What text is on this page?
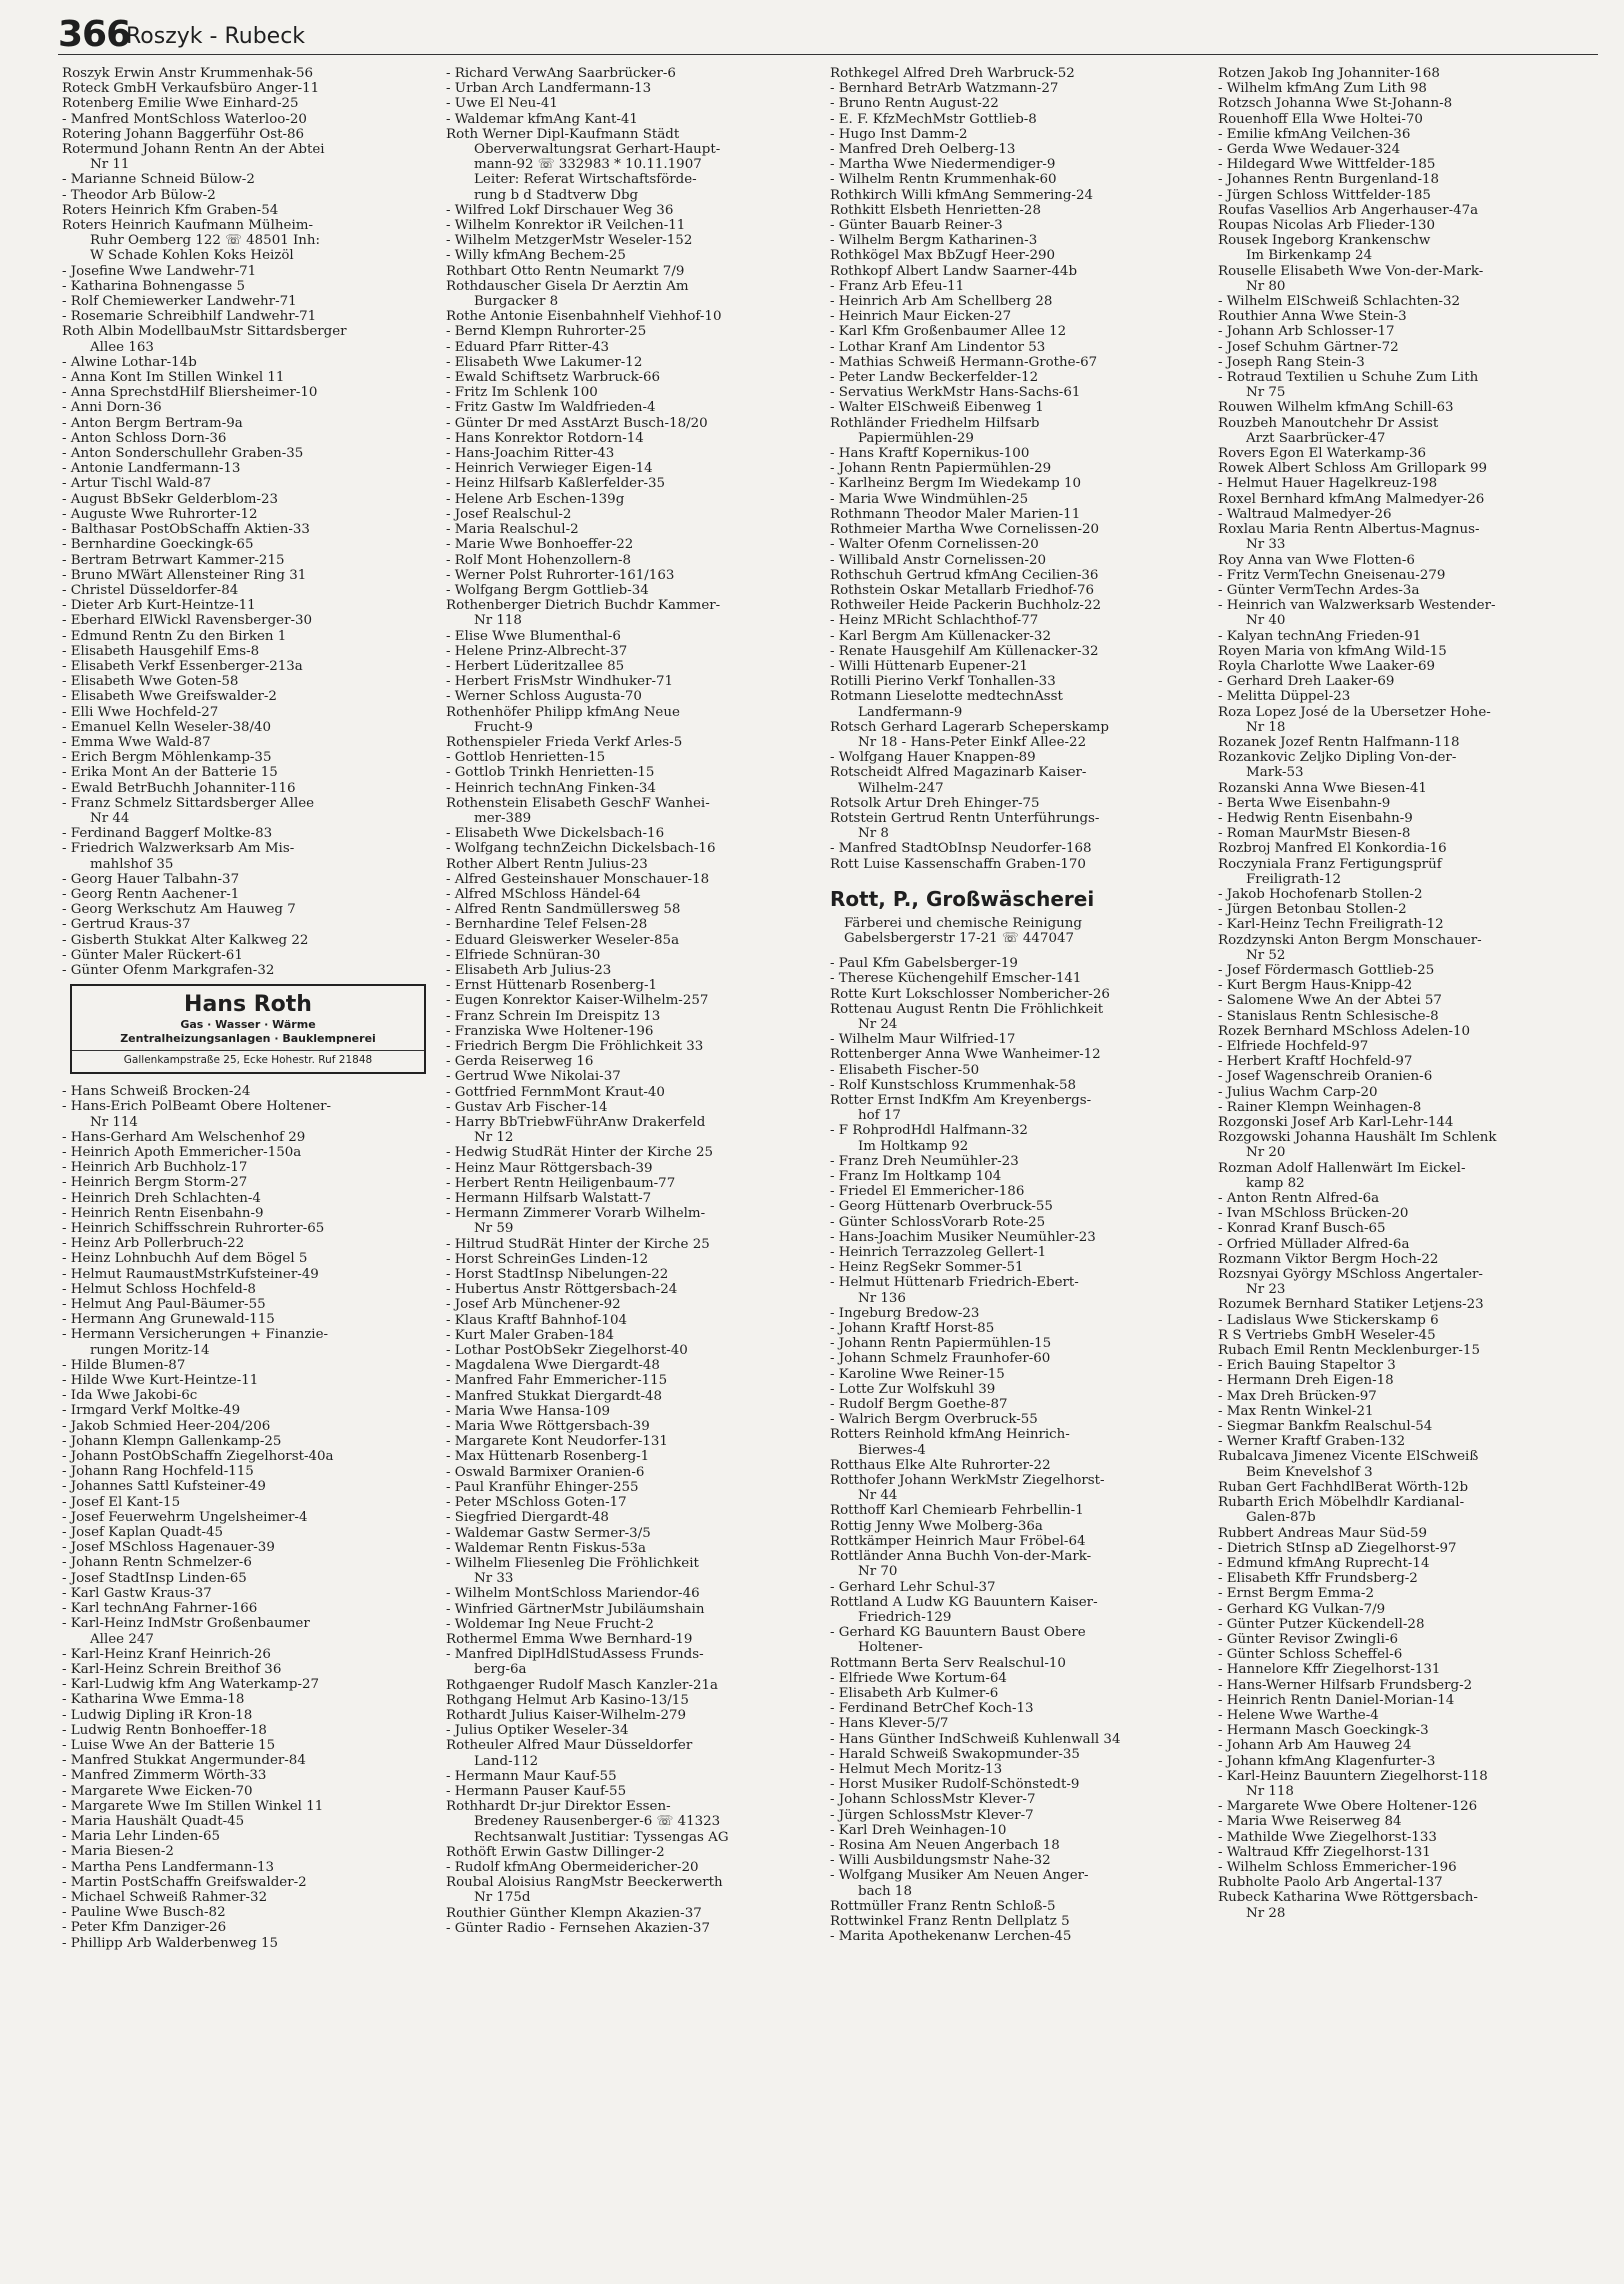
366
Roszyk - Rubeck
Roszyk Erwin Anstr Krummenhak-56
Roteck GmbH Verkaufsbüro Anger-11
Rotenberg Emilie Wwe Einhard-25
- Manfred MontSchloss Waterloo-20
Rotering Johann Baggerführ Ost-86
Rotermund Johann Rentn An der Abtei
Nr 11
- Marianne Schneid Bülow-2
- Theodor Arb Bülow-2
Roters Heinrich Kfm Graben-54
Roters Heinrich Kaufmann Mülheim-
Ruhr Oemberg 122 ☏ 48501 Inh:
W Schade Kohlen Koks Heizöl
- Josefine Wwe Landwehr-71
- Katharina Bohnengasse 5
- Rolf Chemiewerker Landwehr-71
- Rosemarie Schreibhilf Landwehr-71
Roth Albin ModellbauMstr Sittardsberger
Allee 163
- Alwine Lothar-14b
- Anna Kont Im Stillen Winkel 11
- Anna SprechstdHilf Bliersheimer-10
- Anni Dorn-36
- Anton Bergm Bertram-9a
- Anton Schloss Dorn-36
- Anton Sonderschullehr Graben-35
- Antonie Landfermann-13
- Artur Tischl Wald-87
- August BbSekr Gelderblom-23
- Auguste Wwe Ruhrorter-12
- Balthasar PostObSchaffn Aktien-33
- Bernhardine Goeckingk-65
- Bertram Betrwart Kammer-215
- Bruno MWärt Allensteiner Ring 31
- Christel Düsseldorfer-84
- Dieter Arb Kurt-Heintze-11
- Eberhard ElWickl Ravensberger-30
- Edmund Rentn Zu den Birken 1
- Elisabeth Hausgehilf Ems-8
- Elisabeth Verkf Essenberger-213a
- Elisabeth Wwe Goten-58
- Elisabeth Wwe Greifswalder-2
- Elli Wwe Hochfeld-27
- Emanuel Kelln Weseler-38/40
- Emma Wwe Wald-87
- Erich Bergm Möhlenkamp-35
- Erika Mont An der Batterie 15
- Ewald BetrBuchh Johanniter-116
- Franz Schmelz Sittardsberger Allee
Nr 44
- Ferdinand Baggerf Moltke-83
- Friedrich Walzwerksarb Am Mis-
mahlshof 35
- Georg Hauer Talbahn-37
- Georg Rentn Aachener-1
- Georg Werkschutz Am Hauweg 7
- Gertrud Kraus-37
- Gisberth Stukkat Alter Kalkweg 22
- Günter Maler Rückert-61
- Günter Ofenm Markgrafen-32
Hans Roth
Gas · Wasser · Wärme
Zentralheizungsanlagen · Bauklempnerei
Gallenkampstraße 25, Ecke Hohestr. Ruf 21848
- Hans Schweiß Brocken-24
- Hans-Erich PolBeamt Obere Holtener-
Nr 114
- Hans-Gerhard Am Welschenhof 29
- Heinrich Apoth Emmericher-150a
- Heinrich Arb Buchholz-17
- Heinrich Bergm Storm-27
- Heinrich Dreh Schlachten-4
- Heinrich Rentn Eisenbahn-9
- Heinrich Schiffsschrein Ruhrorter-65
- Heinz Arb Pollerbruch-22
- Heinz Lohnbuchh Auf dem Bögel 5
- Helmut RaumaustMstrKufsteiner-49
- Helmut Schloss Hochfeld-8
- Helmut Ang Paul-Bäumer-55
- Hermann Ang Grunewald-115
- Hermann Versicherungen + Finanzie-
rungen Moritz-14
- Hilde Blumen-87
- Hilde Wwe Kurt-Heintze-11
- Ida Wwe Jakobi-6c
- Irmgard Verkf Moltke-49
- Jakob Schmied Heer-204/206
- Johann Klempn Gallenkamp-25
- Johann PostObSchaffn Ziegelhorst-40a
- Johann Rang Hochfeld-115
- Johannes Sattl Kufsteiner-49
- Josef El Kant-15
- Josef Feuerwehrm Ungelsheimer-4
- Josef Kaplan Quadt-45
- Josef MSchloss Hagenauer-39
- Johann Rentn Schmelzer-6
- Josef StadtInsp Linden-65
- Karl Gastw Kraus-37
- Karl technAng Fahrner-166
- Karl-Heinz IndMstr Großenbaumer
Allee 247
- Karl-Heinz Kranf Heinrich-26
- Karl-Heinz Schrein Breithof 36
- Karl-Ludwig kfm Ang Waterkamp-27
- Katharina Wwe Emma-18
- Ludwig Dipling iR Kron-18
- Ludwig Rentn Bonhoeffer-18
- Luise Wwe An der Batterie 15
- Manfred Stukkat Angermunder-84
- Manfred Zimmerm Wörth-33
- Margarete Wwe Eicken-70
- Margarete Wwe Im Stillen Winkel 11
- Maria Haushält Quadt-45
- Maria Lehr Linden-65
- Maria Biesen-2
- Martha Pens Landfermann-13
- Martin PostSchaffn Greifswalder-2
- Michael Schweiß Rahmer-32
- Pauline Wwe Busch-82
- Peter Kfm Danziger-26
- Phillipp Arb Walderbenweg 15
- Richard VerwAng Saarbrücker-6
- Urban Arch Landfermann-13
- Uwe El Neu-41
- Waldemar kfmAng Kant-41
Roth Werner Dipl-Kaufmann Städt
Oberverwaltungsrat Gerhart-Haupt-
mann-92 ☏ 332983 * 10.11.1907
Leiter: Referat Wirtschaftsförde-
rung b d Stadtverw Dbg
- Wilfred Lokf Dirschauer Weg 36
- Wilhelm Konrektor iR Veilchen-11
- Wilhelm MetzgerMstr Weseler-152
- Willy kfmAng Bechem-25
Rothbart Otto Rentn Neumarkt 7/9
Rothdauscher Gisela Dr Aerztin Am
Burgacker 8
Rothe Antonie Eisenbahnhelf Viehhof-10
- Bernd Klempn Ruhrorter-25
- Eduard Pfarr Ritter-43
- Elisabeth Wwe Lakumer-12
- Ewald Schiftsetz Warbruck-66
- Fritz Im Schlenk 100
- Fritz Gastw Im Waldfrieden-4
- Günter Dr med AsstArzt Busch-18/20
- Hans Konrektor Rotdorn-14
- Hans-Joachim Ritter-43
- Heinrich Verwieger Eigen-14
- Heinz Hilfsarb Kaßlerfelder-35
- Helene Arb Eschen-139g
- Josef Realschul-2
- Maria Realschul-2
- Marie Wwe Bonhoeffer-22
- Rolf Mont Hohenzollern-8
- Werner Polst Ruhrorter-161/163
- Wolfgang Bergm Gottlieb-34
Rothenberger Dietrich Buchdr Kammer-
Nr 118
- Elise Wwe Blumenthal-6
- Helene Prinz-Albrecht-37
- Herbert Lüderitzallee 85
- Herbert FrisMstr Windhuker-71
- Werner Schloss Augusta-70
Rothenhöfer Philipp kfmAng Neue
Frucht-9
Rothenspieler Frieda Verkf Arles-5
- Gottlob Henrietten-15
- Gottlob Trinkh Henrietten-15
- Heinrich technAng Finken-34
Rothenstein Elisabeth GeschF Wanhei-
mer-389
- Elisabeth Wwe Dickelsbach-16
- Wolfgang technZeichn Dickelsbach-16
Rother Albert Rentn Julius-23
- Alfred Gesteinshauer Monschauer-18
- Alfred MSchloss Händel-64
- Alfred Rentn Sandmüllersweg 58
- Bernhardine Telef Felsen-28
- Eduard Gleiswerker Weseler-85a
- Elfriede Schnüran-30
- Elisabeth Arb Julius-23
- Ernst Hüttenarb Rosenberg-1
- Eugen Konrektor Kaiser-Wilhelm-257
- Franz Schrein Im Dreispitz 13
- Franziska Wwe Holtener-196
- Friedrich Bergm Die Fröhlichkeit 33
- Gerda Reiserweg 16
- Gertrud Wwe Nikolai-37
- Gottfried FernmMont Kraut-40
- Gustav Arb Fischer-14
- Harry BbTriebwFührAnw Drakerfeld
Nr 12
- Hedwig StudRät Hinter der Kirche 25
- Heinz Maur Röttgersbach-39
- Herbert Rentn Heiligenbaum-77
- Hermann Hilfsarb Walstatt-7
- Hermann Zimmerer Vorarb Wilhelm-
Nr 59
- Hiltrud StudRät Hinter der Kirche 25
- Horst SchreinGes Linden-12
- Horst StadtInsp Nibelungen-22
- Hubertus Anstr Röttgersbach-24
- Josef Arb Münchener-92
- Klaus Kraftf Bahnhof-104
- Kurt Maler Graben-184
- Lothar PostObSekr Ziegelhorst-40
- Magdalena Wwe Diergardt-48
- Manfred Fahr Emmericher-115
- Manfred Stukkat Diergardt-48
- Maria Wwe Hansa-109
- Maria Wwe Röttgersbach-39
- Margarete Kont Neudorfer-131
- Max Hüttenarb Rosenberg-1
- Oswald Barmixer Oranien-6
- Paul Kranführ Ehinger-255
- Peter MSchloss Goten-17
- Siegfried Diergardt-48
- Waldemar Gastw Sermer-3/5
- Waldemar Rentn Fiskus-53a
- Wilhelm Fliesenleg Die Fröhlichkeit
Nr 33
- Wilhelm MontSchloss Mariendor-46
- Winfried GärtnerMstr Jubiläumshain
- Woldemar Ing Neue Frucht-2
Rothermel Emma Wwe Bernhard-19
- Manfred DiplHdlStudAssess Frunds-
berg-6a
Rothgaenger Rudolf Masch Kanzler-21a
Rothgang Helmut Arb Kasino-13/15
Rothardt Julius Kaiser-Wilhelm-279
- Julius Optiker Weseler-34
Rotheuler Alfred Maur Düsseldorfer
Land-112
- Hermann Maur Kauf-55
- Hermann Pauser Kauf-55
Rothhardt Dr-jur Direktor Essen-
Bredeney Rausenberger-6 ☏ 41323
Rechtsanwalt Justitiar: Tyssengas AG
Rothöft Erwin Gastw Dillinger-2
- Rudolf kfmAng Obermeidericher-20
Roubal Aloisius RangMstr Beeckerwerth
Nr 175d
Routhier Günther Klempn Akazien-37
- Günter Radio - Fernsehen Akazien-37
Rothkegel Alfred Dreh Warbruck-52
- Bernhard BetrArb Watzmann-27
- Bruno Rentn August-22
- E. F. KfzMechMstr Gottlieb-8
- Hugo Inst Damm-2
- Manfred Dreh Oelberg-13
- Martha Wwe Niedermendiger-9
- Wilhelm Rentn Krummenhak-60
Rothkirch Willi kfmAng Semmering-24
Rothkitt Elsbeth Henrietten-28
- Günter Bauarb Reiner-3
- Wilhelm Bergm Katharinen-3
Rothkögel Max BbZugf Heer-290
Rothkopf Albert Landw Saarner-44b
- Franz Arb Efeu-11
- Heinrich Arb Am Schellberg 28
- Heinrich Maur Eicken-27
- Karl Kfm Großenbaumer Allee 12
- Lothar Kranf Am Lindentor 53
- Mathias Schweiß Hermann-Grothe-67
- Peter Landw Beckerfelder-12
- Servatius WerkMstr Hans-Sachs-61
- Walter ElSchweiß Eibenweg 1
Rothländer Friedhelm Hilfsarb
Papiermühlen-29
- Hans Kraftf Kopernikus-100
- Johann Rentn Papiermühlen-29
- Karlheinz Bergm Im Wiedekamp 10
- Maria Wwe Windmühlen-25
Rothmann Theodor Maler Marien-11
Rothmeier Martha Wwe Cornelissen-20
- Walter Ofenm Cornelissen-20
- Willibald Anstr Cornelissen-20
Rothschuh Gertrud kfmAng Cecilien-36
Rothstein Oskar Metallarb Friedhof-76
Rothweiler Heide Packerin Buchholz-22
- Heinz MRicht Schlachthof-77
- Karl Bergm Am Küllenacker-32
- Renate Hausgehilf Am Küllenacker-32
- Willi Hüttenarb Eupener-21
Rotilli Pierino Verkf Tonhallen-33
Rotmann Lieselotte medtechnAsst
Landfermann-9
Rotsch Gerhard Lagerarb Scheperskamp
Nr 18 - Hans-Peter Einkf Allee-22
- Wolfgang Hauer Knappen-89
Rotscheidt Alfred Magazinarb Kaiser-
Wilhelm-247
Rotsolk Artur Dreh Ehinger-75
Rotstein Gertrud Rentn Unterführungs-
Nr 8
- Manfred StadtObInsp Neudorfer-168
Rott Luise Kassenschaffn Graben-170
Rott, P., Großwäscherei
Färberei und chemische Reinigung
Gabelsbergerstr 17-21 ☏ 447047
- Paul Kfm Gabelsberger-19
- Therese Küchengehilf Emscher-141
Rotte Kurt Lokschlosser Nombericher-26
Rottenau August Rentn Die Fröhlichkeit
Nr 24
- Wilhelm Maur Wilfried-17
Rottenberger Anna Wwe Wanheimer-12
- Elisabeth Fischer-50
- Rolf Kunstschloss Krummenhak-58
Rotter Ernst IndKfm Am Kreyenbergs-
hof 17
- F RohprodHdl Halfmann-32
Im Holtkamp 92
- Franz Dreh Neumühler-23
- Franz Im Holtkamp 104
- Friedel El Emmericher-186
- Georg Hüttenarb Overbruck-55
- Günter SchlossVorarb Rote-25
- Hans-Joachim Musiker Neumühler-23
- Heinrich Terrazzoleg Gellert-1
- Heinz RegSekr Sommer-51
- Helmut Hüttenarb Friedrich-Ebert-
Nr 136
- Ingeburg Bredow-23
- Johann Kraftf Horst-85
- Johann Rentn Papiermühlen-15
- Johann Schmelz Fraunhofer-60
- Karoline Wwe Reiner-15
- Lotte Zur Wolfskuhl 39
- Rudolf Bergm Goethe-87
- Walrich Bergm Overbruck-55
Rotters Reinhold kfmAng Heinrich-
Bierwes-4
Rotthaus Elke Alte Ruhrorter-22
Rotthofer Johann WerkMstr Ziegelhorst-
Nr 44
Rotthoff Karl Chemiearb Fehrbellin-1
Rottig Jenny Wwe Molberg-36a
Rottkämper Heinrich Maur Fröbel-64
Rottländer Anna Buchh Von-der-Mark-
Nr 70
- Gerhard Lehr Schul-37
Rottland A Ludw KG Bauuntern Kaiser-
Friedrich-129
- Gerhard KG Bauuntern Baust Obere
Holtener-
Rottmann Berta Serv Realschul-10
- Elfriede Wwe Kortum-64
- Elisabeth Arb Kulmer-6
- Ferdinand BetrChef Koch-13
- Hans Klever-5/7
- Hans Günther IndSchweiß Kuhlenwall 34
- Harald Schweiß Swakopmunder-35
- Helmut Mech Moritz-13
- Horst Musiker Rudolf-Schönstedt-9
- Johann SchlossMstr Klever-7
- Jürgen SchlossMstr Klever-7
- Karl Dreh Weinhagen-10
- Rosina Am Neuen Angerbach 18
- Willi Ausbildungsmstr Nahe-32
- Wolfgang Musiker Am Neuen Anger-
bach 18
Rottmüller Franz Rentn Schloß-5
Rottwinkel Franz Rentn Dellplatz 5
- Marita Apothekenanw Lerchen-45
Rotzen Jakob Ing Johanniter-168
- Wilhelm kfmAng Zum Lith 98
Rotzsch Johanna Wwe St-Johann-8
Rouenhoff Ella Wwe Holtei-70
- Emilie kfmAng Veilchen-36
- Gerda Wwe Wedauer-324
- Hildegard Wwe Wittfelder-185
- Johannes Rentn Burgenland-18
- Jürgen Schloss Wittfelder-185
Roufas Vasellios Arb Angerhauser-47a
Roupas Nicolas Arb Flieder-130
Rousek Ingeborg Krankenschw
Im Birkenkamp 24
Rouselle Elisabeth Wwe Von-der-Mark-
Nr 80
- Wilhelm ElSchweiß Schlachten-32
Routhier Anna Wwe Stein-3
- Johann Arb Schlosser-17
- Josef Schuhm Gärtner-72
- Joseph Rang Stein-3
- Rotraud Textilien u Schuhe Zum Lith
Nr 75
Rouwen Wilhelm kfmAng Schill-63
Rouzbeh Manoutchehr Dr Assist
Arzt Saarbrücker-47
Rovers Egon El Waterkamp-36
Rowek Albert Schloss Am Grillopark 99
- Helmut Hauer Hagelkreuz-198
Roxel Bernhard kfmAng Malmedyer-26
- Waltraud Malmedyer-26
Roxlau Maria Rentn Albertus-Magnus-
Nr 33
Roy Anna van Wwe Flotten-6
- Fritz VermTechn Gneisenau-279
- Günter VermTechn Ardes-3a
- Heinrich van Walzwerksarb Westender-
Nr 40
- Kalyan technAng Frieden-91
Royen Maria von kfmAng Wild-15
Royla Charlotte Wwe Laaker-69
- Gerhard Dreh Laaker-69
- Melitta Düppel-23
Roza Lopez José de la Übersetzer Hohe-
Nr 18
Rozanek Jozef Rentn Halfmann-118
Rozankovic Zeljko Dipling Von-der-
Mark-53
Rozanski Anna Wwe Biesen-41
- Berta Wwe Eisenbahn-9
- Hedwig Rentn Eisenbahn-9
- Roman MaurMstr Biesen-8
Rozbroj Manfred El Konkordia-16
Roczyniala Franz Fertigungsprüf
Freiligrath-12
- Jakob Hochofenarb Stollen-2
- Jürgen Betonbau Stollen-2
- Karl-Heinz Techn Freiligrath-12
Rozdzynski Anton Bergm Monschauer-
Nr 52
- Josef Fördermasch Gottlieb-25
- Kurt Bergm Haus-Knipp-42
- Salomene Wwe An der Abtei 57
- Stanislaus Rentn Schlesische-8
Rozek Bernhard MSchloss Adelen-10
- Elfriede Hochfeld-97
- Herbert Kraftf Hochfeld-97
- Josef Wagenschreib Oranien-6
- Julius Wachm Carp-20
- Rainer Klempn Weinhagen-8
Rozgonski Josef Arb Karl-Lehr-144
Rozgowski Johanna Haushält Im Schlenk
Nr 20
Rozman Adolf Hallenwärt Im Eickel-
kamp 82
- Anton Rentn Alfred-6a
- Ivan MSchloss Brücken-20
- Konrad Kranf Busch-65
- Orfried Müllader Alfred-6a
Rozmann Viktor Bergm Hoch-22
Rozsnyai György MSchloss Angertaler-
Nr 23
Rozumek Bernhard Statiker Letjens-23
- Ladislaus Wwe Stickerskamp 6
R S Vertriebs GmbH Weseler-45
Rubach Emil Rentn Mecklenburger-15
- Erich Bauing Stapeltor 3
- Hermann Dreh Eigen-18
- Max Dreh Brücken-97
- Max Rentn Winkel-21
- Siegmar Bankfm Realschul-54
- Werner Kraftf Graben-132
Rubalcava Jimenez Vicente ElSchweiß
Beim Knevelshof 3
Ruban Gert FachhdlBerat Wörth-12b
Rubarth Erich Möbelhdlr Kardianal-
Galen-87b
Rubbert Andreas Maur Süd-59
- Dietrich StInsp aD Ziegelhorst-97
- Edmund kfmAng Ruprecht-14
- Elisabeth Kffr Frundsberg-2
- Ernst Bergm Emma-2
- Gerhard KG Vulkan-7/9
- Günter Putzer Kückendell-28
- Günter Revisor Zwingli-6
- Günter Schloss Scheffel-6
- Hannelore Kffr Ziegelhorst-131
- Hans-Werner Hilfsarb Frundsberg-2
- Heinrich Rentn Daniel-Morian-14
- Helene Wwe Warthe-4
- Hermann Masch Goeckingk-3
- Johann Arb Am Hauweg 24
- Johann kfmAng Klagenfurter-3
- Karl-Heinz Bauuntern Ziegelhorst-118
Nr 118
- Margarete Wwe Obere Holtener-126
- Maria Wwe Reiserweg 84
- Mathilde Wwe Ziegelhorst-133
- Waltraud Kffr Ziegelhorst-131
- Wilhelm Schloss Emmericher-196
Rubholte Paolo Arb Angertal-137
Rubeck Katharina Wwe Röttgersbach-
Nr 28
